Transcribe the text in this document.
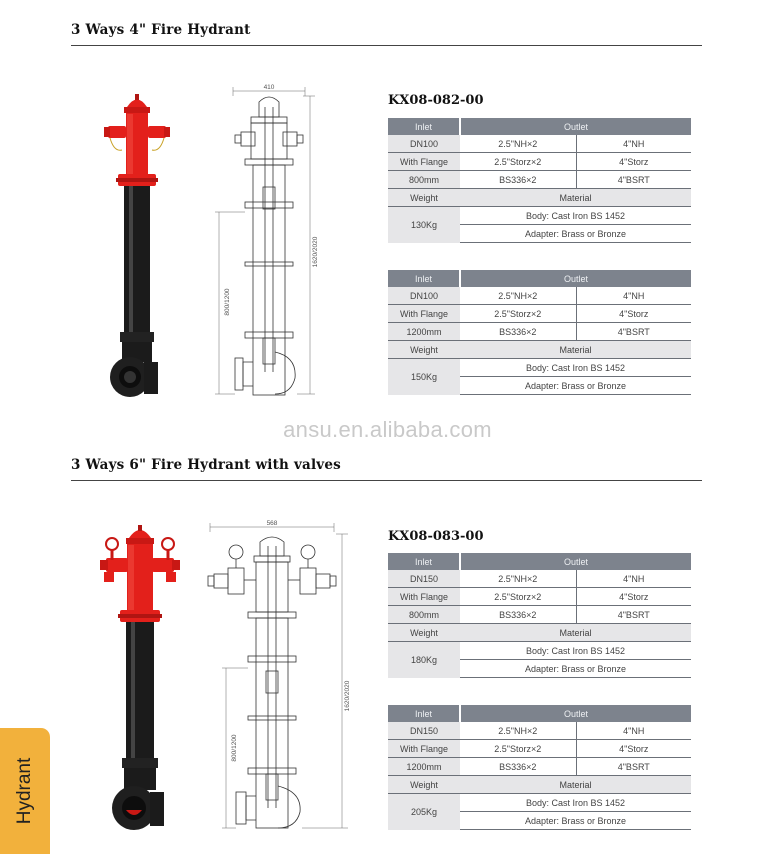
3 Ways 4" Fire Hydrant
410
800/1200
1620/2020
KX08-082-00
Inlet	Outlet	
DN100	2.5"NH×2	4"NH
With Flange	2.5"Storz×2	4"Storz
800mm	BS336×2	4"BSRT
Weight	Material	
130Kg	Body: Cast Iron BS 1452	
	Adapter: Brass or Bronze	
Inlet	Outlet	
DN100	2.5"NH×2	4"NH
With Flange	2.5"Storz×2	4"Storz
1200mm	BS336×2	4"BSRT
Weight	Material	
150Kg	Body: Cast Iron BS 1452	
	Adapter: Brass or Bronze	
ansu.en.alibaba.com
3 Ways 6" Fire Hydrant with valves
568
800/1200
1620/2020
KX08-083-00
Inlet	Outlet	
DN150	2.5"NH×2	4"NH
With Flange	2.5"Storz×2	4"Storz
800mm	BS336×2	4"BSRT
Weight	Material	
180Kg	Body: Cast Iron BS 1452	
	Adapter: Brass or Bronze	
Inlet	Outlet	
DN150	2.5"NH×2	4"NH
With Flange	2.5"Storz×2	4"Storz
1200mm	BS336×2	4"BSRT
Weight	Material	
205Kg	Body: Cast Iron BS 1452	
	Adapter: Brass or Bronze	
Hydrant
